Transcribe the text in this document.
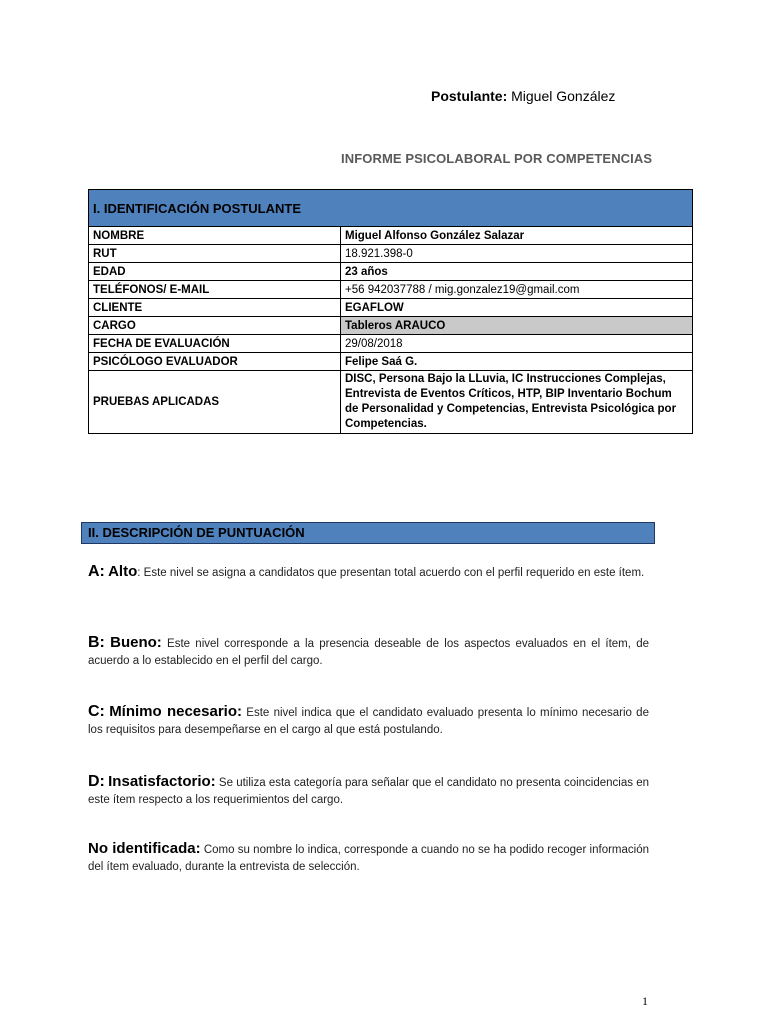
Postulante: Miguel González
INFORME PSICOLABORAL POR COMPETENCIAS
I. IDENTIFICACIÓN POSTULANTE	
NOMBRE	Miguel Alfonso González Salazar
RUT	18.921.398-0
EDAD	23 años
TELÉFONOS/ E-MAIL	+56 942037788 / mig.gonzalez19@gmail.com
CLIENTE	EGAFLOW
CARGO	Tableros ARAUCO
FECHA DE EVALUACIÓN	29/08/2018
PSICÓLOGO EVALUADOR	Felipe Saá G.
PRUEBAS APLICADAS	DISC, Persona Bajo la LLuvia, IC Instrucciones Complejas, Entrevista de Eventos Críticos, HTP, BIP Inventario Bochum de Personalidad y Competencias, Entrevista Psicológica por Competencias.
II. DESCRIPCIÓN DE PUNTUACIÓN
A: Alto: Este nivel se asigna a candidatos que presentan total acuerdo con el perfil requerido en este ítem.
B: Bueno: Este nivel corresponde a la presencia deseable de los aspectos evaluados en el ítem, de acuerdo a lo establecido en el perfil del cargo.
C: Mínimo necesario: Este nivel indica que el candidato evaluado presenta lo mínimo necesario de los requisitos para desempeñarse en el cargo al que está postulando.
D: Insatisfactorio: Se utiliza esta categoría para señalar que el candidato no presenta coincidencias en este ítem respecto a los requerimientos del cargo.
No identificada: Como su nombre lo indica, corresponde a cuando no se ha podido recoger información del ítem evaluado, durante la entrevista de selección.
1
